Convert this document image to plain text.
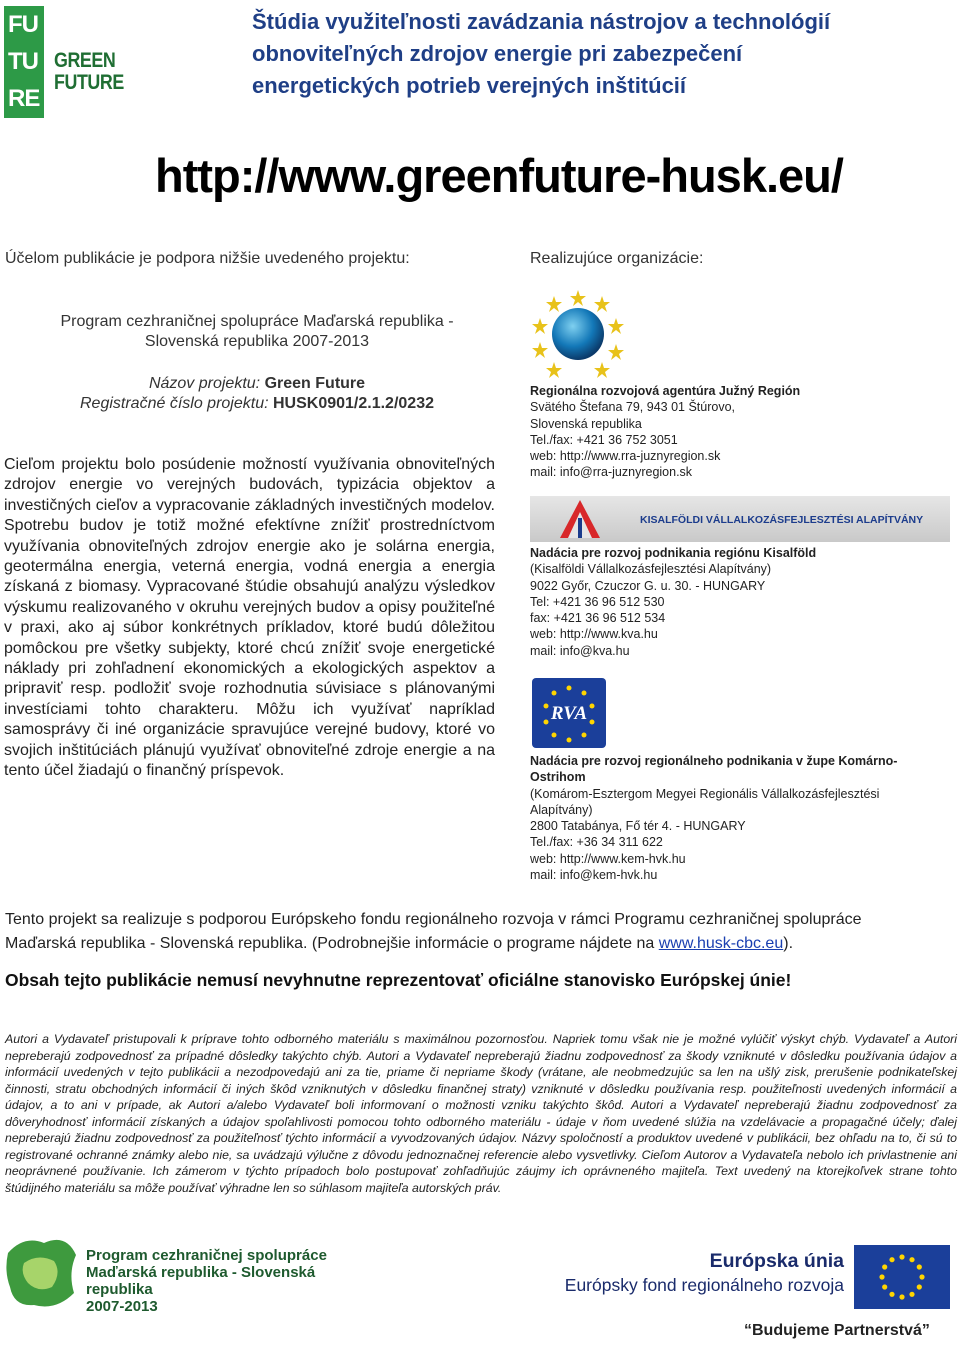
FU
TU
RE
GREEN FUTURE
Štúdia využiteľnosti zavádzania nástrojov a technológií
obnoviteľných zdrojov energie pri zabezpečení
energetických potrieb verejných inštitúcií
http://www.greenfuture-husk.eu/
Účelom publikácie je podpora nižšie uvedeného projektu:	Realizujúce organizácie:
Program cezhraničnej spolupráce Maďarská republika -
Slovenská republika 2007-2013
Názov projektu: Green Future
Registračné číslo projektu: HUSK0901/2.1.2/0232
Cieľom projektu bolo posúdenie možností využívania obnoviteľných zdrojov energie vo verejných budovách, typizácia objektov a investičných cieľov a vypracovanie základných investičných modelov. Spotrebu budov je totiž možné efektívne znížiť prostredníctvom využívania obnoviteľných zdrojov energie ako je solárna energia, geotermálna energia, veterná energia, vodná energia a energia získaná z biomasy. Vypracované štúdie obsahujú analýzu výsledkov výskumu realizovaného v okruhu verejných budov a opisy použiteľné v praxi, ako aj súbor konkrétnych príkladov, ktoré budú dôležitou pomôckou pre všetky subjekty, ktoré chcú znížiť svoje energetické náklady pri zohľadnení ekonomických a ekologických aspektov a pripraviť resp. podložiť svoje rozhodnutia súvisiace s plánovanými investíciami tohto charakteru. Môžu ich využívať napríklad samosprávy či iné organizácie spravujúce verejné budovy, ktoré vo svojich inštitúciách plánujú využívať obnoviteľné zdroje energie a na tento účel žiadajú o finančný príspevok.
Regionálna rozvojová agentúra Južný Región
Svätého Štefana 79, 943 01 Štúrovo,
Slovenská republika
Tel./fax: +421 36 752 3051
web: http://www.rra-juznyregion.sk
mail: info@rra-juznyregion.sk
KISALFÖLDI VÁLLALKOZÁSFEJLESZTÉSI ALAPÍTVÁNY
Nadácia pre rozvoj podnikania regiónu Kisalföld
(Kisalföldi Vállalkozásfejlesztési Alapítvány)
9022 Győr, Czuczor G. u. 30. - HUNGARY
Tel: +421 36 96 512 530
fax: +421 36 96 512 534
web: http://www.kva.hu
mail: info@kva.hu
RVA
Nadácia pre rozvoj regionálneho podnikania v župe Komárno-
Ostrihom
(Komárom-Esztergom Megyei Regionális Vállalkozásfejlesztési
Alapítvány)
2800 Tatabánya, Fő tér 4. - HUNGARY
Tel./fax: +36 34 311 622
web: http://www.kem-hvk.hu
mail: info@kem-hvk.hu
Tento projekt sa realizuje s podporou Európskeho fondu regionálneho rozvoja v rámci Programu cezhraničnej spolupráce
Maďarská republika - Slovenská republika. (Podrobnejšie informácie o programe nájdete na www.husk-cbc.eu).
Obsah tejto publikácie nemusí nevyhnutne reprezentovať oficiálne stanovisko Európskej únie!
Autori a Vydavateľ pristupovali k príprave tohto odborného materiálu s maximálnou pozornosťou. Napriek tomu však nie je možné vylúčiť výskyt chýb. Vydavateľ a Autori nepreberajú zodpovednosť za prípadné dôsledky takýchto chýb. Autori a Vydavateľ nepreberajú žiadnu zodpovednosť za škody vzniknuté v dôsledku používania údajov a informácií uvedených v tejto publikácii a nezodpovedajú ani za tie, priame či nepriame škody (vrátane, ale neobmedzujúc sa len na ušlý zisk, prerušenie podnikateľskej činnosti, stratu obchodných informácií či iných škôd vzniknutých v dôsledku finančnej straty) vzniknuté v dôsledku používania resp. použiteľnosti uvedených informácií a údajov, a to ani v prípade, ak Autori a/alebo Vydavateľ boli informovaní o možnosti vzniku takýchto škôd. Autori a Vydavateľ nepreberajú žiadnu zodpovednosť za dôveryhodnosť informácií získaných a údajov spoľahlivosti pomocou tohto odborného materiálu - údaje v ňom uvedené slúžia na vzdelávacie a propagačné účely; ďalej nepreberajú žiadnu zodpovednosť za použiteľnosť týchto informácií a vyvodzovaných údajov. Názvy spoločností a produktov uvedené v publikácii, bez ohľadu na to, či sú to registrované ochranné známky alebo nie, sa uvádzajú výlučne z dôvodu jednoznačnej referencie alebo vysvetlivky. Cieľom Autorov a Vydavateľa nebolo ich privlastnenie ani neoprávnené používanie. Ich zámerom v týchto prípadoch bolo postupovať zohľadňujúc záujmy ich oprávneného majiteľa. Text uvedený na ktorejkoľvek strane tohto štúdijného materiálu sa môže používať výhradne len so súhlasom majiteľa autorských práv.
Program cezhraničnej spolupráce
Maďarská republika - Slovenská republika
2007-2013
Európska únia
Európsky fond regionálneho rozvoja
“Budujeme Partnerstvá”
